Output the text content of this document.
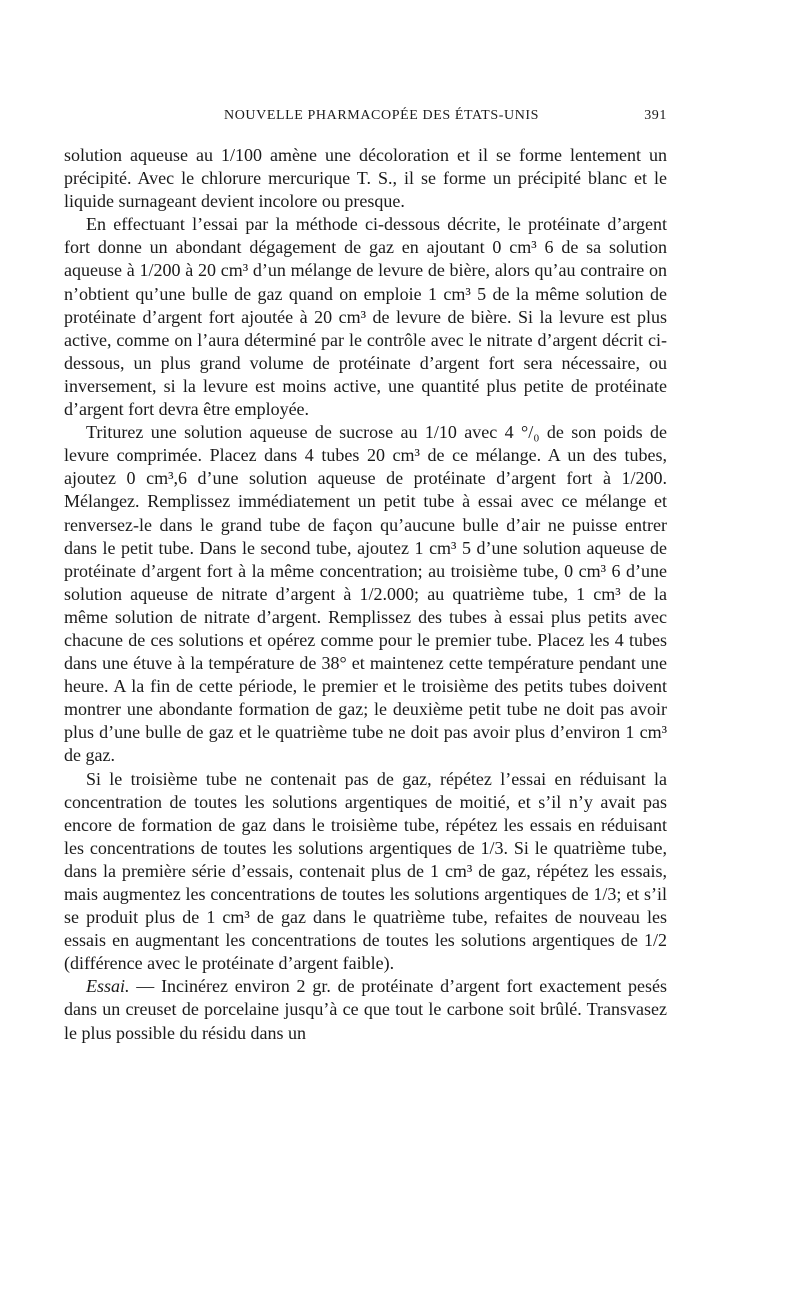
NOUVELLE PHARMACOPÉE DES ÉTATS-UNIS	391

solution aqueuse au 1/100 amène une décoloration et il se forme lentement un précipité. Avec le chlorure mercurique T. S., il se forme un précipité blanc et le liquide surnageant devient incolore ou presque.

En effectuant l’essai par la méthode ci-dessous décrite, le protéinate d’argent fort donne un abondant dégagement de gaz en ajoutant 0 cm³ 6 de sa solution aqueuse à 1/200 à 20 cm³ d’un mélange de levure de bière, alors qu’au contraire on n’obtient qu’une bulle de gaz quand on emploie 1 cm³ 5 de la même solution de protéinate d’argent fort ajoutée à 20 cm³ de levure de bière. Si la levure est plus active, comme on l’aura déterminé par le contrôle avec le nitrate d’argent décrit ci-dessous, un plus grand volume de protéinate d’argent fort sera nécessaire, ou inversement, si la levure est moins active, une quantité plus petite de protéinate d’argent fort devra être employée.

Triturez une solution aqueuse de sucrose au 1/10 avec 4 °/₀ de son poids de levure comprimée. Placez dans 4 tubes 20 cm³ de ce mélange. A un des tubes, ajoutez 0 cm³,6 d’une solution aqueuse de protéinate d’argent fort à 1/200. Mélangez. Remplissez immédiatement un petit tube à essai avec ce mélange et renversez-le dans le grand tube de façon qu’aucune bulle d’air ne puisse entrer dans le petit tube. Dans le second tube, ajoutez 1 cm³ 5 d’une solution aqueuse de protéinate d’argent fort à la même concentration; au troisième tube, 0 cm³ 6 d’une solution aqueuse de nitrate d’argent à 1/2.000; au quatrième tube, 1 cm³ de la même solution de nitrate d’argent. Remplissez des tubes à essai plus petits avec chacune de ces solutions et opérez comme pour le premier tube. Placez les 4 tubes dans une étuve à la température de 38° et maintenez cette température pendant une heure. A la fin de cette période, le premier et le troisième des petits tubes doivent montrer une abondante formation de gaz; le deuxième petit tube ne doit pas avoir plus d’une bulle de gaz et le quatrième tube ne doit pas avoir plus d’environ 1 cm³ de gaz.

Si le troisième tube ne contenait pas de gaz, répétez l’essai en réduisant la concentration de toutes les solutions argentiques de moitié, et s’il n’y avait pas encore de formation de gaz dans le troisième tube, répétez les essais en réduisant les concentrations de toutes les solutions argentiques de 1/3. Si le quatrième tube, dans la première série d’essais, contenait plus de 1 cm³ de gaz, répétez les essais, mais augmentez les concentrations de toutes les solutions argentiques de 1/3; et s’il se produit plus de 1 cm³ de gaz dans le quatrième tube, refaites de nouveau les essais en augmentant les concentrations de toutes les solutions argentiques de 1/2 (différence avec le protéinate d’argent faible).

Essai. — Incinérez environ 2 gr. de protéinate d’argent fort exactement pesés dans un creuset de porcelaine jusqu’à ce que tout le carbone soit brûlé. Transvasez le plus possible du résidu dans un
